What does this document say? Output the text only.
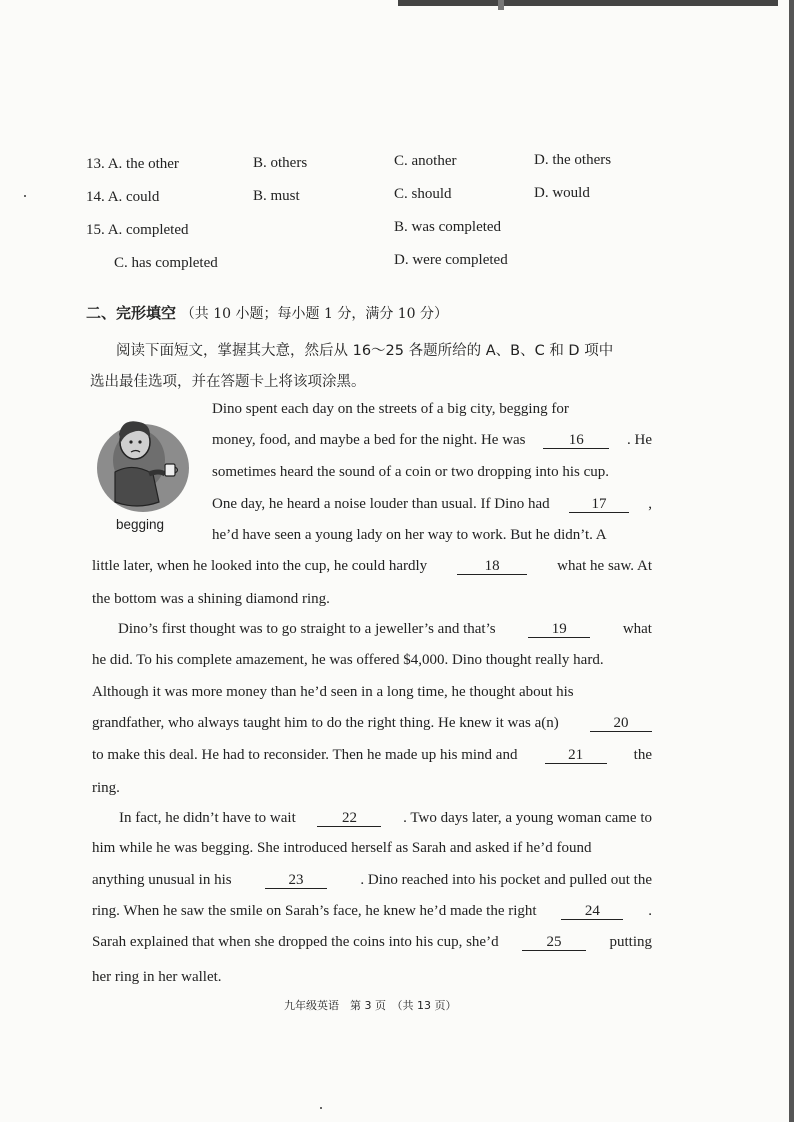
13. A. the other	B. others	C. another	D. the others
14. A. could	B. must	C. should	D. would
15. A. completed	B. was completed
C. has completed	D. were completed
二、完形填空 （共 10 小题；每小题 1 分，满分 10 分）
阅读下面短文，掌握其大意，然后从 16～25 各题所给的 A、B、C 和 D 项中
选出最佳选项，并在答题卡上将该项涂黑。
begging
Dino spent each day on the streets of a big city, begging for
money, food, and maybe a bed for the night. He was	16	. He
sometimes heard the sound of a coin or two dropping into his cup.
One day, he heard a noise louder than usual. If Dino had	17	,
he’d have seen a young lady on her way to work. But he didn’t. A
little later, when he looked into the cup, he could hardly	18	what he saw. At
the bottom was a shining diamond ring.
Dino’s first thought was to go straight to a jeweller’s and that’s	19	what
he did. To his complete amazement, he was offered $4,000. Dino thought really hard.
Although it was more money than he’d seen in a long time, he thought about his
grandfather, who always taught him to do the right thing. He knew it was a(n)	20
to make this deal. He had to reconsider. Then he made up his mind and	21	the
ring.
In fact, he didn’t have to wait	22	. Two days later, a young woman came to
him while he was begging. She introduced herself as Sarah and asked if he’d found
anything unusual in his	23	. Dino reached into his pocket and pulled out the
ring. When he saw the smile on Sarah’s face, he knew he’d made the right	24	.
Sarah explained that when she dropped the coins into his cup, she’d	25	putting
her ring in her wallet.
九年级英语　第 3 页　（共 13 页）
